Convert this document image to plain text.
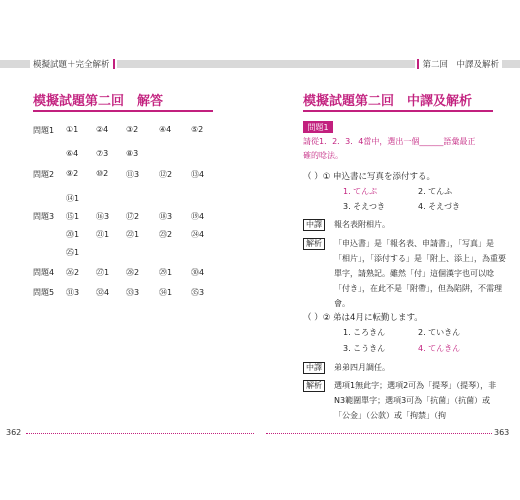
模擬試題＋完全解析	第二回　中譯及解析
模擬試題第二回　解答
問題1	①1	②4	③2	④4	⑤2
⑥4	⑦3	⑧3
問題2	⑨2	⑩2	⑪3	⑫2	⑬4
⑭1
問題3	⑮1	⑯3	⑰2	⑱3	⑲4
⑳1	㉑1	㉒1	㉓2	㉔4
㉕1
問題4	㉖2	㉗1	㉘2	㉙1	㉚4
問題5	㉛3	㉜4	㉝3	㉞1	㉟3
模擬試題第二回　中譯及解析
問題1
請從1．2．3．4當中，選出一個______語彙最正
確的唸法。
（ ）① 申込書に写真を添付する。
1. てんぷ	2. てんふ
3. そえつき	4. そえづき
中譯	報名表附相片。
解析	「申込書」是「報名表、申請書」，「写真」是「相片」，「添付する」是「附上、添上」，為重要單字，請熟記。雖然「付」這個漢字也可以唸「付き」，在此不是「附帶」，但為陷阱，不需理會。
（ ）② 弟は4月に転勤します。
1. ころきん	2. ていきん
3. こうきん	4. てんきん
中譯	弟弟四月調任。
解析	選項1無此字；選項2可為「提琴」（提琴），非N3範圍單字；選項3可為「抗菌」（抗菌）或「公金」（公款）或「拘禁」（拘
362	363
